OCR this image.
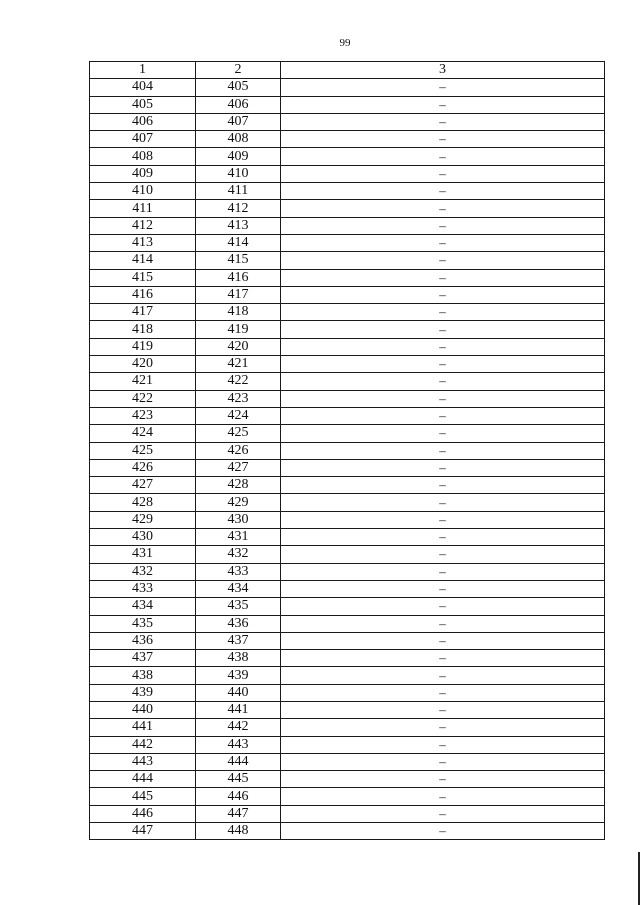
99
1	2	3
404	405	–
405	406	–
406	407	–
407	408	–
408	409	–
409	410	–
410	411	–
411	412	–
412	413	–
413	414	–
414	415	–
415	416	–
416	417	–
417	418	–
418	419	–
419	420	–
420	421	–
421	422	–
422	423	–
423	424	–
424	425	–
425	426	–
426	427	–
427	428	–
428	429	–
429	430	–
430	431	–
431	432	–
432	433	–
433	434	–
434	435	–
435	436	–
436	437	–
437	438	–
438	439	–
439	440	–
440	441	–
441	442	–
442	443	–
443	444	–
444	445	–
445	446	–
446	447	–
447	448	–
